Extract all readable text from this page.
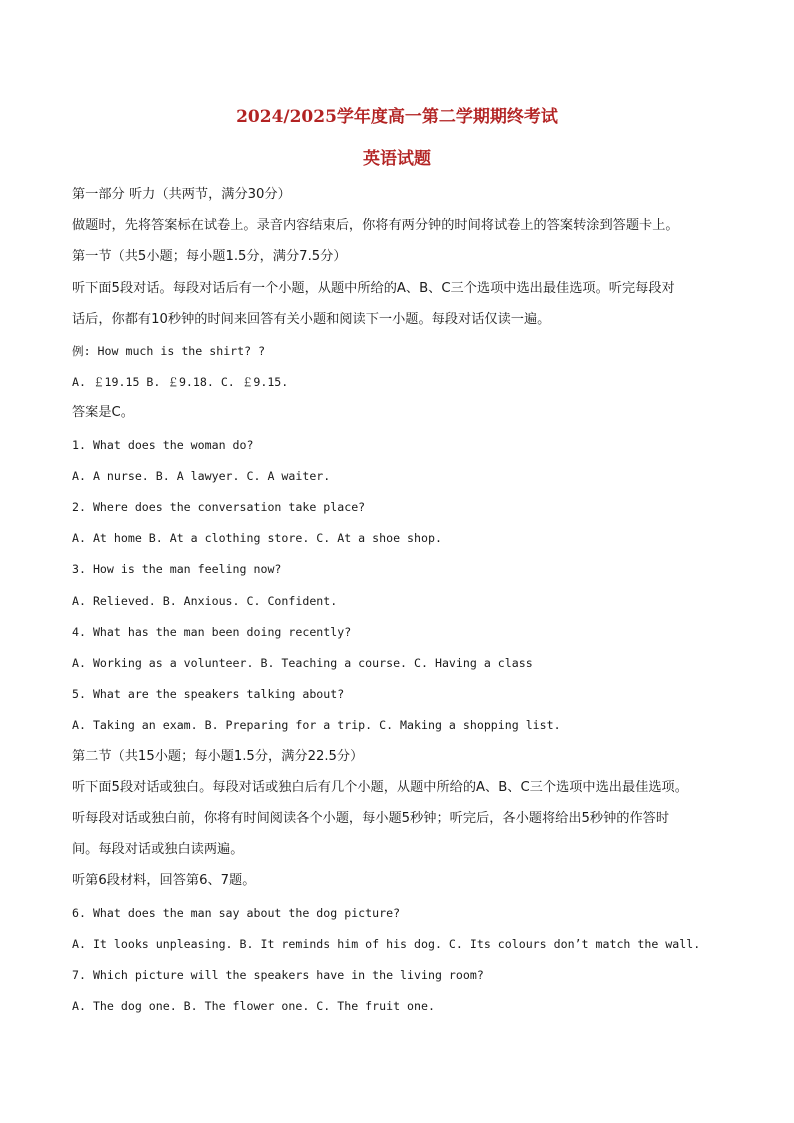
2024/2025学年度高一第二学期期终考试
英语试题
第一部分 听力（共两节，满分30分）
做题时，先将答案标在试卷上。录音内容结束后，你将有两分钟的时间将试卷上的答案转涂到答题卡上。
第一节（共5小题；每小题1.5分，满分7.5分）
听下面5段对话。每段对话后有一个小题，从题中所给的A、B、C三个选项中选出最佳选项。听完每段对
话后，你都有10秒钟的时间来回答有关小题和阅读下一小题。每段对话仅读一遍。
例: How much is the shirt? ?
A. ￡19.15 B. ￡9.18. C. ￡9.15.
答案是C。
1. What does the woman do?
A. A nurse. B. A lawyer. C. A waiter.
2. Where does the conversation take place?
A. At home B. At a clothing store. C. At a shoe shop.
3. How is the man feeling now?
A. Relieved. B. Anxious. C. Confident.
4. What has the man been doing recently?
A. Working as a volunteer. B. Teaching a course. C. Having a class
5. What are the speakers talking about?
A. Taking an exam. B. Preparing for a trip. C. Making a shopping list.
第二节（共15小题；每小题1.5分，满分22.5分）
听下面5段对话或独白。每段对话或独白后有几个小题，从题中所给的A、B、C三个选项中选出最佳选项。
听每段对话或独白前，你将有时间阅读各个小题，每小题5秒钟；听完后，各小题将给出5秒钟的作答时
间。每段对话或独白读两遍。
听第6段材料，回答第6、7题。
6. What does the man say about the dog picture?
A. It looks unpleasing. B. It reminds him of his dog. C. Its colours don’t match the wall.
7. Which picture will the speakers have in the living room?
A. The dog one. B. The flower one. C. The fruit one.
